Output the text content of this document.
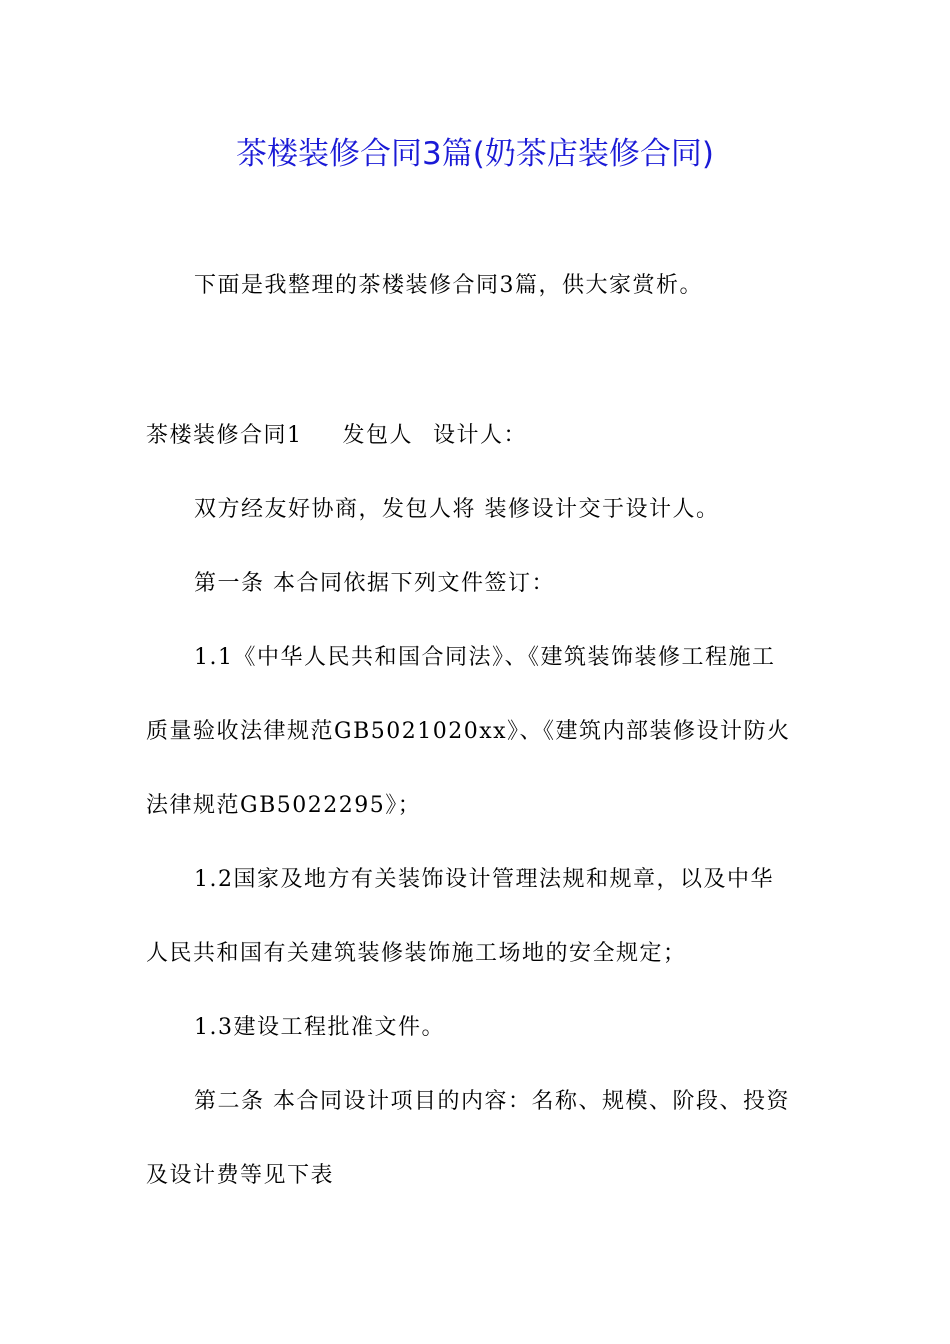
茶楼装修合同3篇(奶茶店装修合同)
下面是我整理的茶楼装修合同3篇，供大家赏析。
茶楼装修合同1 发包人 设计人：
双方经友好协商，发包人将 装修设计交于设计人。
第一条 本合同依据下列文件签订：
1.1《中华人民共和国合同法》、《建筑装饰装修工程施工
质量验收法律规范GB5021020xx》、《建筑内部装修设计防火
法律规范GB5022295》；
1.2国家及地方有关装饰设计管理法规和规章，以及中华
人民共和国有关建筑装修装饰施工场地的安全规定；
1.3建设工程批准文件。
第二条 本合同设计项目的内容：名称、规模、阶段、投资
及设计费等见下表
